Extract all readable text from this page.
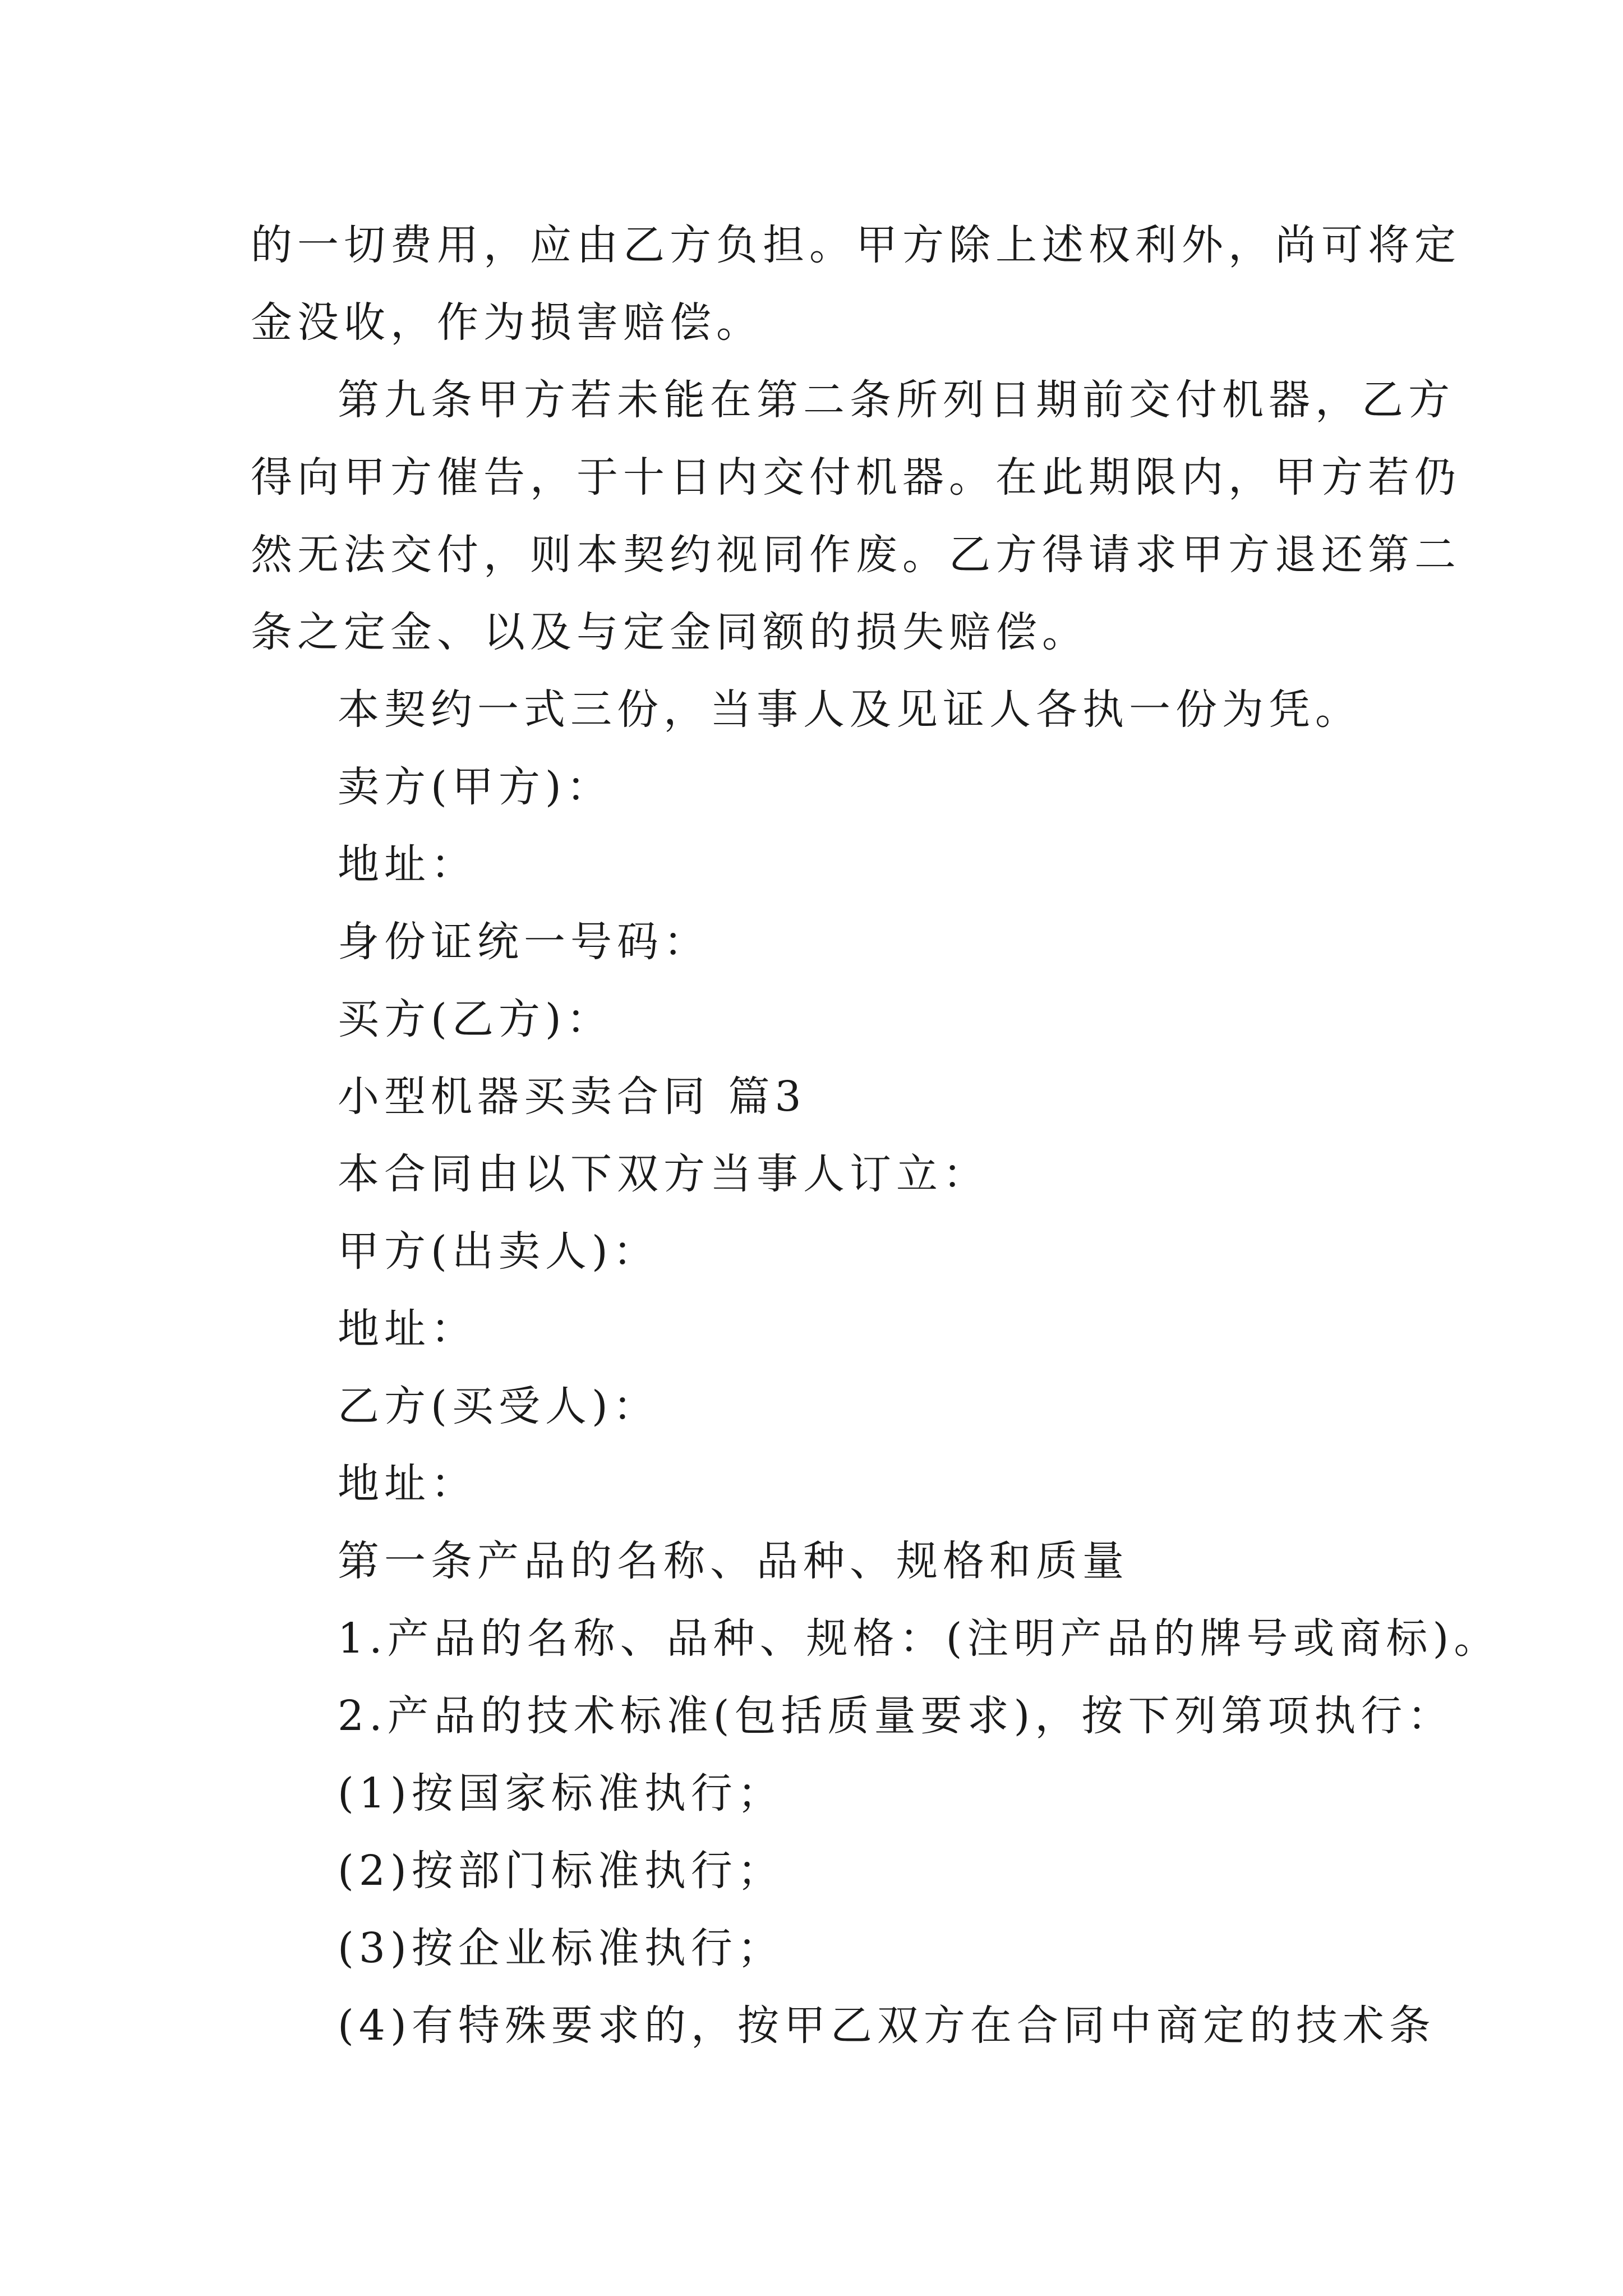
的一切费用，应由乙方负担。甲方除上述权利外，尚可将定
金没收，作为损害赔偿。
第九条甲方若未能在第二条所列日期前交付机器，乙方
得向甲方催告，于十日内交付机器。在此期限内，甲方若仍
然无法交付，则本契约视同作废。乙方得请求甲方退还第二
条之定金、以及与定金同额的损失赔偿。
本契约一式三份，当事人及见证人各执一份为凭。
卖方(甲方)：
地址：
身份证统一号码：
买方(乙方)：
小型机器买卖合同 篇3
本合同由以下双方当事人订立：
甲方(出卖人)：
地址：
乙方(买受人)：
地址：
第一条产品的名称、品种、规格和质量
1.产品的名称、品种、规格：(注明产品的牌号或商标)。
2.产品的技术标准(包括质量要求)，按下列第项执行：
(1)按国家标准执行；
(2)按部门标准执行；
(3)按企业标准执行；
(4)有特殊要求的，按甲乙双方在合同中商定的技术条
